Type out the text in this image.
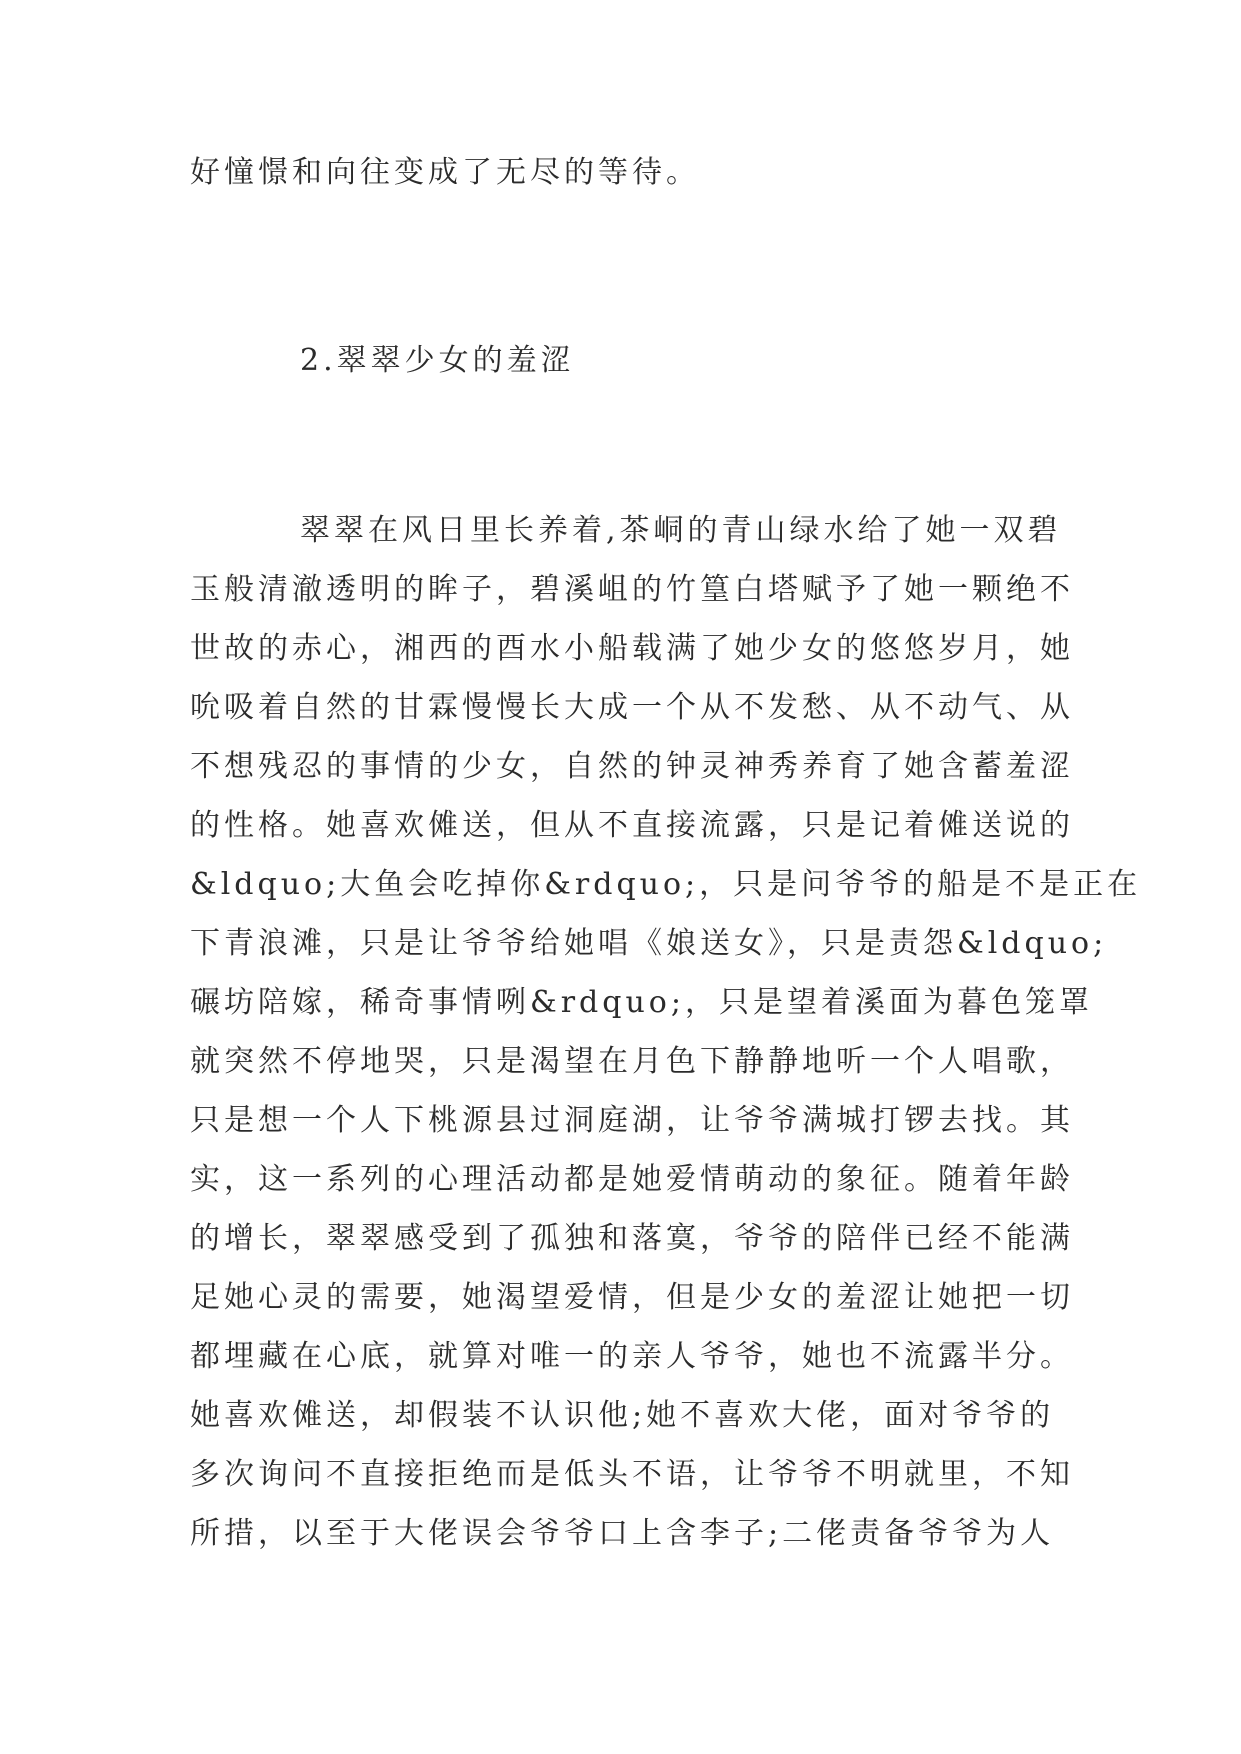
好憧憬和向往变成了无尽的等待。
2.翠翠少女的羞涩
翠翠在风日里长养着,茶峒的青山绿水给了她一双碧
玉般清澈透明的眸子，碧溪岨的竹篁白塔赋予了她一颗绝不
世故的赤心，湘西的酉水小船载满了她少女的悠悠岁月，她
吮吸着自然的甘霖慢慢长大成一个从不发愁、从不动气、从
不想残忍的事情的少女，自然的钟灵神秀养育了她含蓄羞涩
的性格。她喜欢傩送，但从不直接流露，只是记着傩送说的
&ldquo;大鱼会吃掉你&rdquo;，只是问爷爷的船是不是正在
下青浪滩，只是让爷爷给她唱《娘送女》，只是责怨&ldquo;
碾坊陪嫁，稀奇事情咧&rdquo;，只是望着溪面为暮色笼罩
就突然不停地哭，只是渴望在月色下静静地听一个人唱歌，
只是想一个人下桃源县过洞庭湖，让爷爷满城打锣去找。其
实，这一系列的心理活动都是她爱情萌动的象征。随着年龄
的增长，翠翠感受到了孤独和落寞，爷爷的陪伴已经不能满
足她心灵的需要，她渴望爱情，但是少女的羞涩让她把一切
都埋藏在心底，就算对唯一的亲人爷爷，她也不流露半分。
她喜欢傩送，却假装不认识他;她不喜欢大佬，面对爷爷的
多次询问不直接拒绝而是低头不语，让爷爷不明就里，不知
所措，以至于大佬误会爷爷口上含李子;二佬责备爷爷为人
